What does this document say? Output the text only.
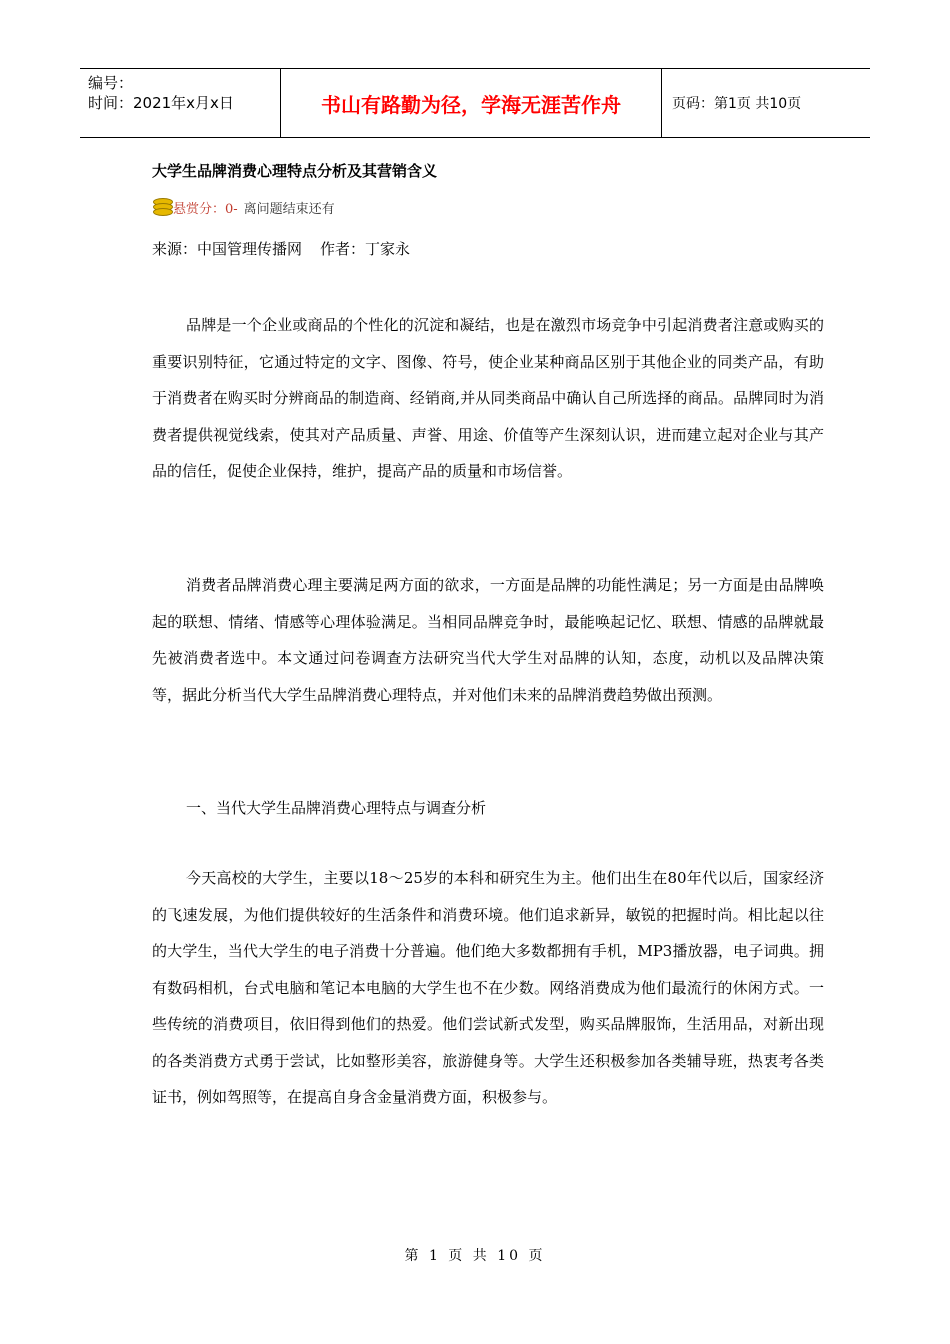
编号：
时间：2021年x月x日	书山有路勤为径，学海无涯苦作舟	页码：第1页 共10页
大学生品牌消费心理特点分析及其营销含义
悬赏分：0- 离问题结束还有
来源：中国管理传播网 作者：丁家永

品牌是一个企业或商品的个性化的沉淀和凝结，也是在激烈市场竞争中引起消费者注意或购买的重要识别特征，它通过特定的文字、图像、符号，使企业某种商品区别于其他企业的同类产品，有助于消费者在购买时分辨商品的制造商、经销商,并从同类商品中确认自己所选择的商品。品牌同时为消费者提供视觉线索，使其对产品质量、声誉、用途、价值等产生深刻认识，进而建立起对企业与其产品的信任，促使企业保持，维护，提高产品的质量和市场信誉。

消费者品牌消费心理主要满足两方面的欲求，一方面是品牌的功能性满足；另一方面是由品牌唤起的联想、情绪、情感等心理体验满足。当相同品牌竞争时，最能唤起记忆、联想、情感的品牌就最先被消费者选中。本文通过问卷调查方法研究当代大学生对品牌的认知，态度，动机以及品牌决策等，据此分析当代大学生品牌消费心理特点，并对他们未来的品牌消费趋势做出预测。

一、当代大学生品牌消费心理特点与调查分析

今天高校的大学生，主要以18～25岁的本科和研究生为主。他们出生在80年代以后，国家经济的飞速发展，为他们提供较好的生活条件和消费环境。他们追求新异，敏锐的把握时尚。相比起以往的大学生，当代大学生的电子消费十分普遍。他们绝大多数都拥有手机，MP3播放器，电子词典。拥有数码相机，台式电脑和笔记本电脑的大学生也不在少数。网络消费成为他们最流行的休闲方式。一些传统的消费项目，依旧得到他们的热爱。他们尝试新式发型，购买品牌服饰，生活用品，对新出现的各类消费方式勇于尝试，比如整形美容，旅游健身等。大学生还积极参加各类辅导班，热衷考各类证书，例如驾照等，在提高自身含金量消费方面，积极参与。

第 1 页 共 10 页
